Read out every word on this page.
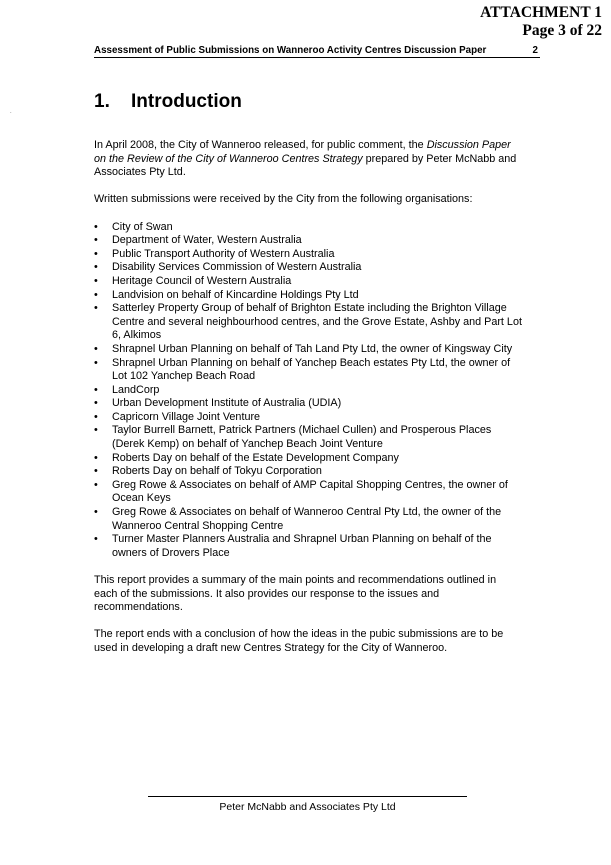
ATTACHMENT 1
Page 3 of 22
Assessment of Public Submissions on Wanneroo Activity Centres Discussion Paper	2
.	1. Introduction

In April 2008, the City of Wanneroo released, for public comment, the Discussion Paper on the Review of the City of Wanneroo Centres Strategy prepared by Peter McNabb and Associates Pty Ltd.

Written submissions were received by the City from the following organisations:

• City of Swan
• Department of Water, Western Australia
• Public Transport Authority of Western Australia
• Disability Services Commission of Western Australia
• Heritage Council of Western Australia
• Landvision on behalf of Kincardine Holdings Pty Ltd
• Satterley Property Group of behalf of Brighton Estate including the Brighton Village Centre and several neighbourhood centres, and the Grove Estate, Ashby and Part Lot 6, Alkimos
• Shrapnel Urban Planning on behalf of Tah Land Pty Ltd, the owner of Kingsway City
• Shrapnel Urban Planning on behalf of Yanchep Beach estates Pty Ltd, the owner of Lot 102 Yanchep Beach Road
• LandCorp
• Urban Development Institute of Australia (UDIA)
• Capricorn Village Joint Venture
• Taylor Burrell Barnett, Patrick Partners (Michael Cullen) and Prosperous Places (Derek Kemp) on behalf of Yanchep Beach Joint Venture
• Roberts Day on behalf of the Estate Development Company
• Roberts Day on behalf of Tokyu Corporation
• Greg Rowe & Associates on behalf of AMP Capital Shopping Centres, the owner of Ocean Keys
• Greg Rowe & Associates on behalf of Wanneroo Central Pty Ltd, the owner of the Wanneroo Central Shopping Centre
• Turner Master Planners Australia and Shrapnel Urban Planning on behalf of the owners of Drovers Place

This report provides a summary of the main points and recommendations outlined in each of the submissions. It also provides our response to the issues and recommendations.

The report ends with a conclusion of how the ideas in the pubic submissions are to be used in developing a draft new Centres Strategy for the City of Wanneroo.

Peter McNabb and Associates Pty Ltd
